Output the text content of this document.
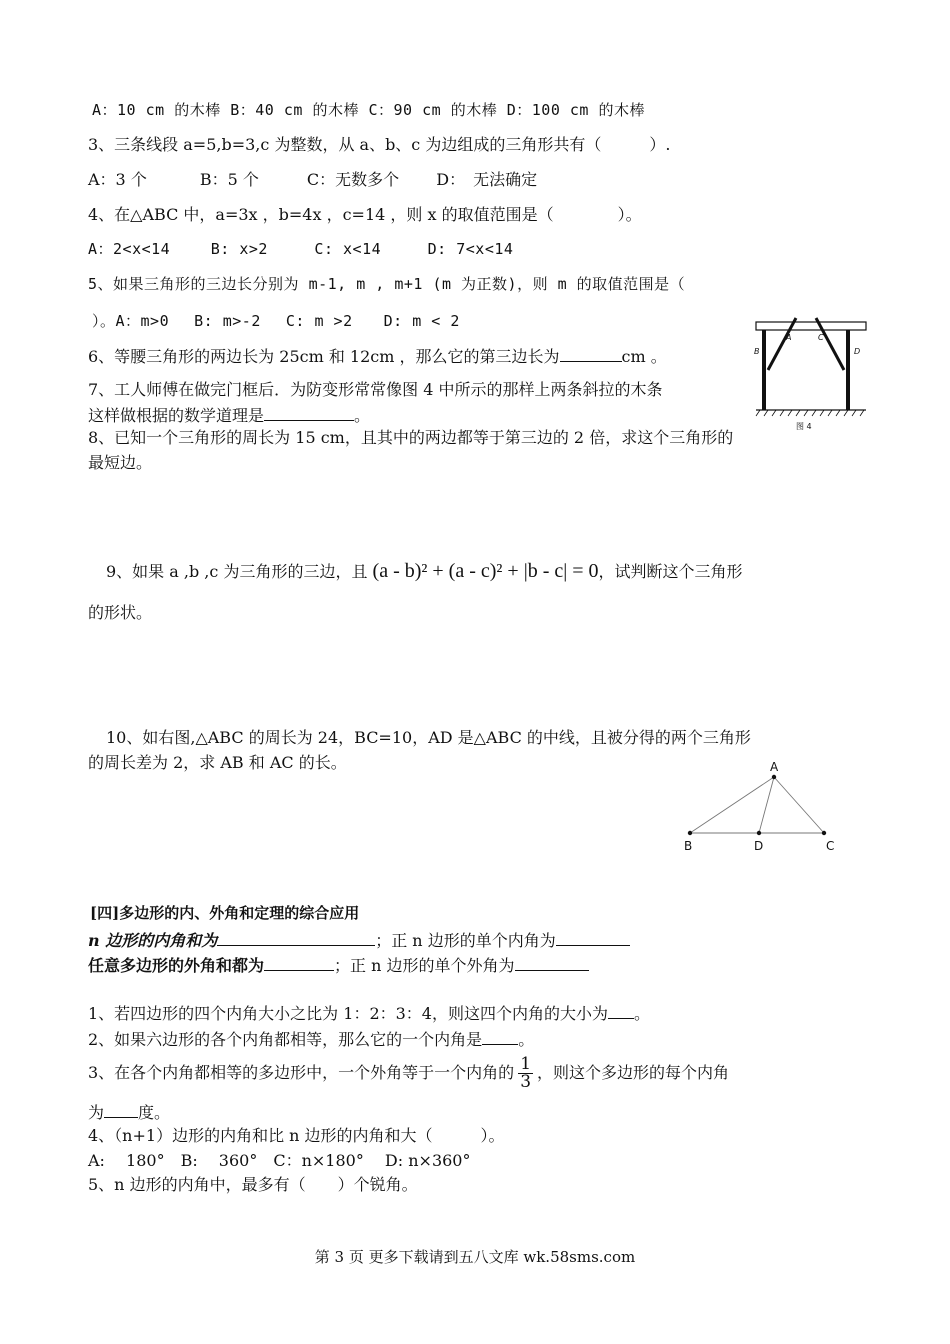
A：10 cm 的木棒 B：40 cm 的木棒 C：90 cm 的木棒 D：100 cm 的木棒
3、三条线段 a=5,b=3,c 为整数，从 a、b、c 为边组成的三角形共有（　　　）.
A：3 个　　　 B：5 个　　　C：无数多个　　 D：　无法确定
4、在△ABC 中，a=3x ，b=4x ，c=14 ，则 x 的取值范围是（　　　　）。
A：2<x<14　　 B: x>2　　　C: x<14　　　D: 7<x<14
5、如果三角形的三边长分别为 m-1, m , m+1 (m 为正数)，则 m 的取值范围是（
）。A：m>0　 B: m>-2　 C: m >2　　D: m < 2
6、等腰三角形的两边长为 25cm 和 12cm ，那么它的第三边长为	cm 。
7、工人师傅在做完门框后．为防变形常常像图 4 中所示的那样上两条斜拉的木条
这样做根据的数学道理是	。
A
B
C
D
图 4
8、已知一个三角形的周长为 15 cm，且其中的两边都等于第三边的 2 倍，求这个三角形的
最短边。
9、如果 a ,b ,c 为三角形的三边，且 (a - b)² + (a - c)² + |b - c| = 0，试判断这个三角形
的形状。
10、如右图,△ABC 的周长为 24，BC=10，AD 是△ABC 的中线，且被分得的两个三角形
的周长差为 2，求 AB 和 AC 的长。	A
B	D	C
[四]多边形的内、外角和定理的综合应用
n 边形的内角和为	；正 n 边形的单个内角为
任意多边形的外角和都为	；正 n 边形的单个外角为
1、若四边形的四个内角大小之比为 1：2：3：4，则这四个内角的大小为 。
2、如果六边形的各个内角都相等，那么它的一个内角是 。
3、在各个内角都相等的多边形中，一个外角等于一个内角的 $\frac{1}{3}$ ，则这个多边形的每个内角
为 度。
4、（n+1）边形的内角和比 n 边形的内角和大（　　　）。
A:　 180°　B:　 360°　C：n×180°　 D: n×360°
5、n 边形的内角中，最多有（　　）个锐角。
第 3 页 更多下载请到五八文库 wk.58sms.com
